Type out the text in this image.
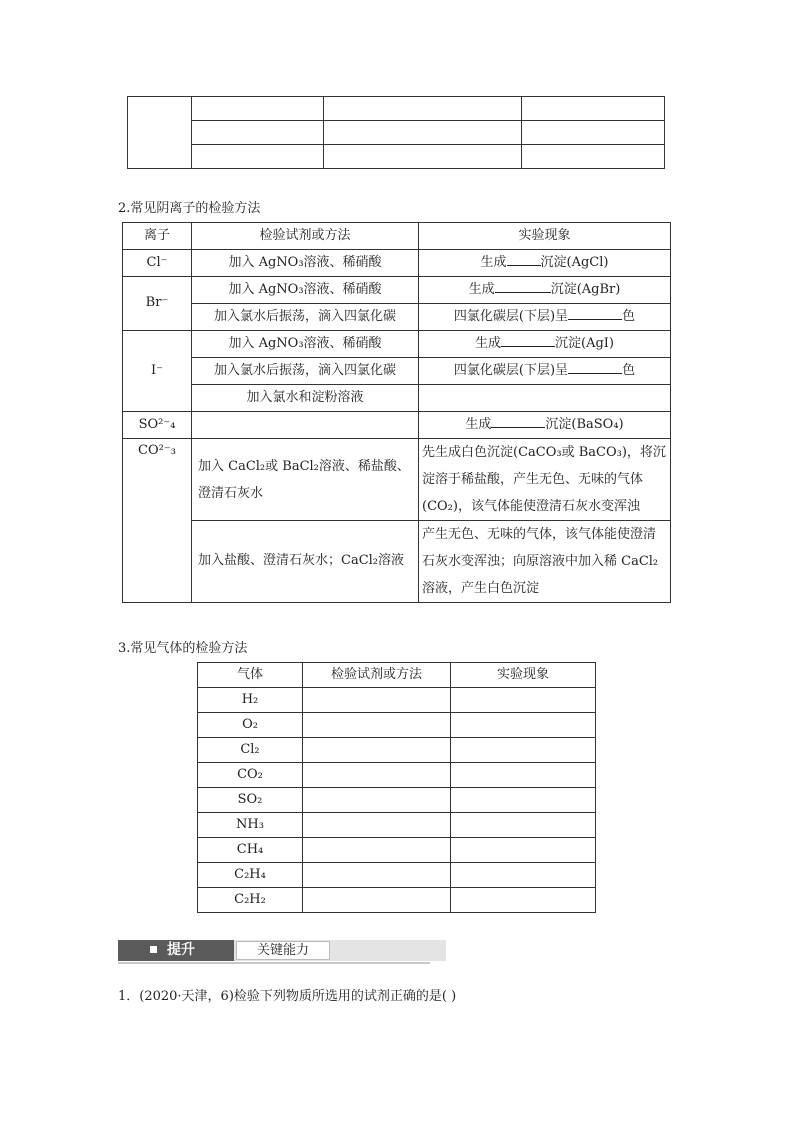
2.常见阴离子的检验方法
离子	检验试剂或方法	实验现象
Cl⁻	加入 AgNO₃溶液、稀硝酸	生成 沉淀(AgCl)
Br⁻	加入 AgNO₃溶液、稀硝酸	生成 沉淀(AgBr)
	加入氯水后振荡，滴入四氯化碳	四氯化碳层(下层)呈 色
I⁻	加入 AgNO₃溶液、稀硝酸	生成 沉淀(AgI)
	加入氯水后振荡，滴入四氯化碳	四氯化碳层(下层)呈 色
	加入氯水和淀粉溶液	
SO²⁻₄		生成 沉淀(BaSO₄)
CO²⁻₃	加入 CaCl₂或 BaCl₂溶液、稀盐酸、澄清石灰水	先生成白色沉淀(CaCO₃或 BaCO₃)，将沉淀溶于稀盐酸，产生无色、无味的气体(CO₂)，该气体能使澄清石灰水变浑浊
	加入盐酸、澄清石灰水；CaCl₂溶液	产生无色、无味的气体，该气体能使澄清石灰水变浑浊；向原溶液中加入稀 CaCl₂溶液，产生白色沉淀
3.常见气体的检验方法
气体	检验试剂或方法	实验现象
H₂		
O₂		
Cl₂		
CO₂		
SO₂		
NH₃		
CH₄		
C₂H₄		
C₂H₂		
提升	关键能力
1．(2020·天津，6)检验下列物质所选用的试剂正确的是( )
